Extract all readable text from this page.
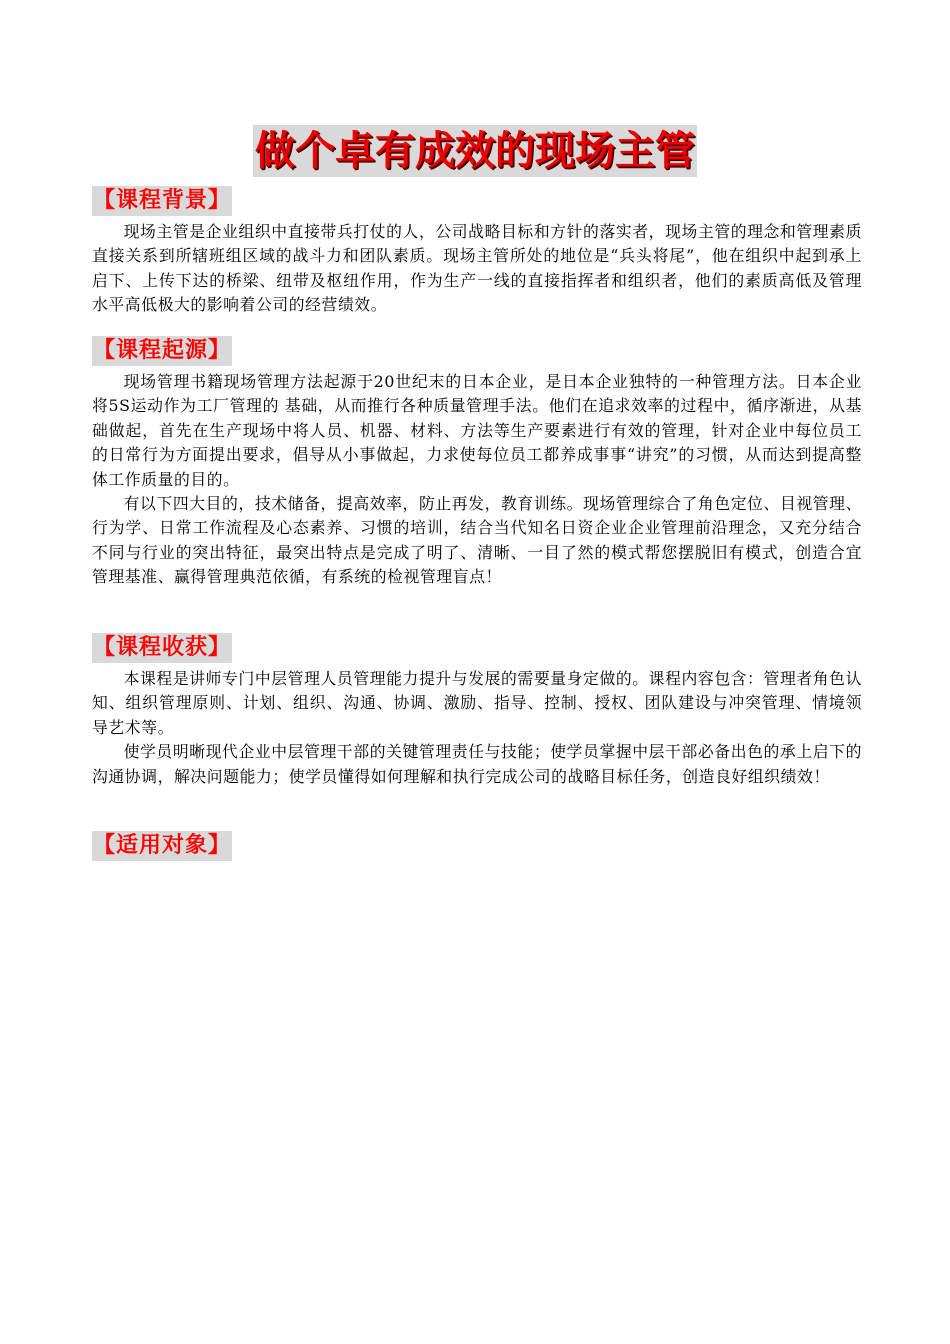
做个卓有成效的现场主管
【课程背景】

现场主管是企业组织中直接带兵打仗的人，公司战略目标和方针的落实者，现场主管的理念和管理素质直接关系到所辖班组区域的战斗力和团队素质。现场主管所处的地位是“兵头将尾”，他在组织中起到承上启下、上传下达的桥梁、纽带及枢纽作用，作为生产一线的直接指挥者和组织者，他们的素质高低及管理水平高低极大的影响着公司的经营绩效。

【课程起源】

现场管理书籍现场管理方法起源于20世纪末的日本企业，是日本企业独特的一种管理方法。日本企业将5S运动作为工厂管理的 基础，从而推行各种质量管理手法。他们在追求效率的过程中，循序渐进，从基础做起，首先在生产现场中将人员、机器、材料、方法等生产要素进行有效的管理，针对企业中每位员工的日常行为方面提出要求，倡导从小事做起，力求使每位员工都养成事事“讲究”的习惯，从而达到提高整体工作质量的目的。

有以下四大目的，技术储备，提高效率，防止再发，教育训练。现场管理综合了角色定位、目视管理、行为学、日常工作流程及心态素养、习惯的培训，结合当代知名日资企业企业管理前沿理念，又充分结合不同与行业的突出特征，最突出特点是完成了明了、清晰、一目了然的模式帮您摆脱旧有模式，创造合宜管理基准、赢得管理典范依循，有系统的检视管理盲点！

【课程收获】

本课程是讲师专门中层管理人员管理能力提升与发展的需要量身定做的。课程内容包含：管理者角色认知、组织管理原则、计划、组织、沟通、协调、激励、指导、控制、授权、团队建设与冲突管理、情境领导艺术等。

使学员明晰现代企业中层管理干部的关键管理责任与技能；使学员掌握中层干部必备出色的承上启下的沟通协调，解决问题能力；使学员懂得如何理解和执行完成公司的战略目标任务，创造良好组织绩效！

【适用对象】
